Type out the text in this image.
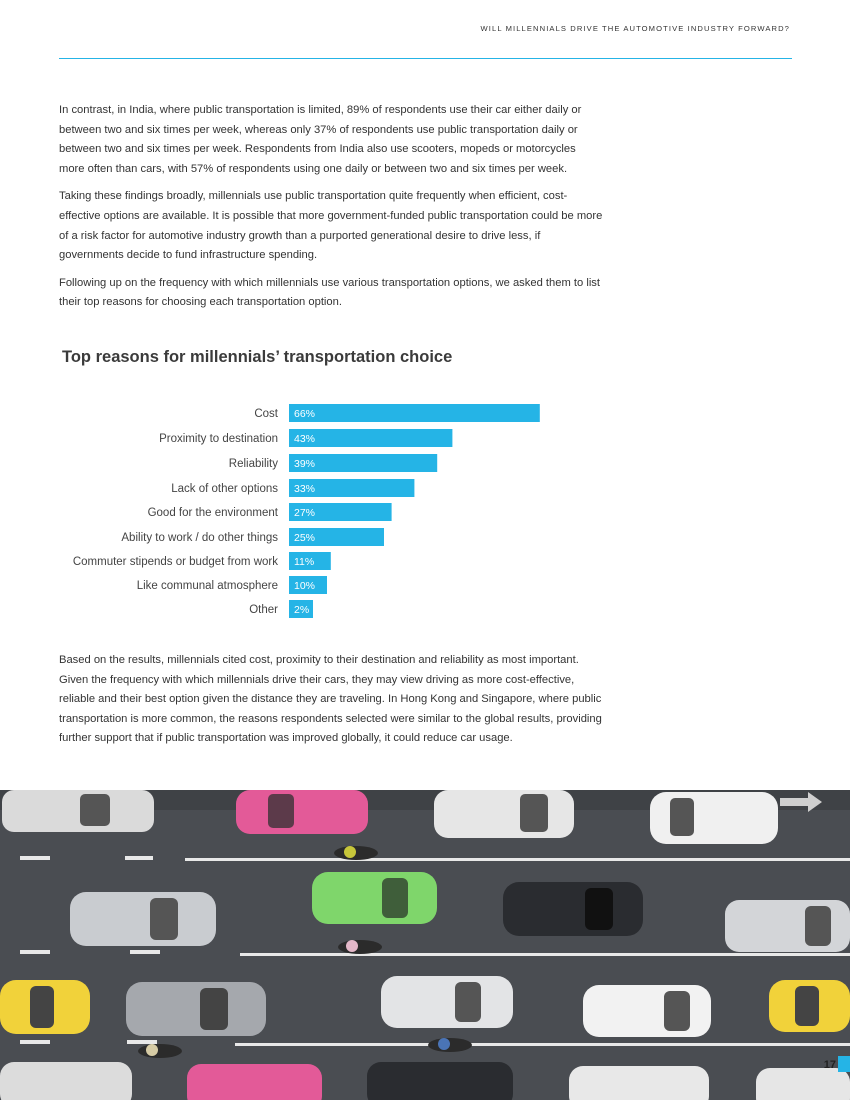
WILL MILLENNIALS DRIVE THE AUTOMOTIVE INDUSTRY FORWARD?

In contrast, in India, where public transportation is limited, 89% of respondents use their car either daily or between two and six times per week, whereas only 37% of respondents use public transportation daily or between two and six times per week. Respondents from India also use scooters, mopeds or motorcycles more often than cars, with 57% of respondents using one daily or between two and six times per week.

Taking these findings broadly, millennials use public transportation quite frequently when efficient, cost-effective options are available. It is possible that more government-funded public transportation could be more of a risk factor for automotive industry growth than a purported generational desire to drive less, if governments decide to fund infrastructure spending.

Following up on the frequency with which millennials use various transportation options, we asked them to list their top reasons for choosing each transportation option.

Top reasons for millennials’ transportation choice
Cost 66%
Proximity to destination 43%
Reliability 39%
Lack of other options 33%
Good for the environment 27%
Ability to work / do other things 25%
Commuter stipends or budget from work 11%
Like communal atmosphere 10%
Other 2%

Based on the results, millennials cited cost, proximity to their destination and reliability as most important. Given the frequency with which millennials drive their cars, they may view driving as more cost-effective, reliable and their best option given the distance they are traveling. In Hong Kong and Singapore, where public transportation is more common, the reasons respondents selected were similar to the global results, providing further support that if public transportation was improved globally, it could reduce car usage.

17
